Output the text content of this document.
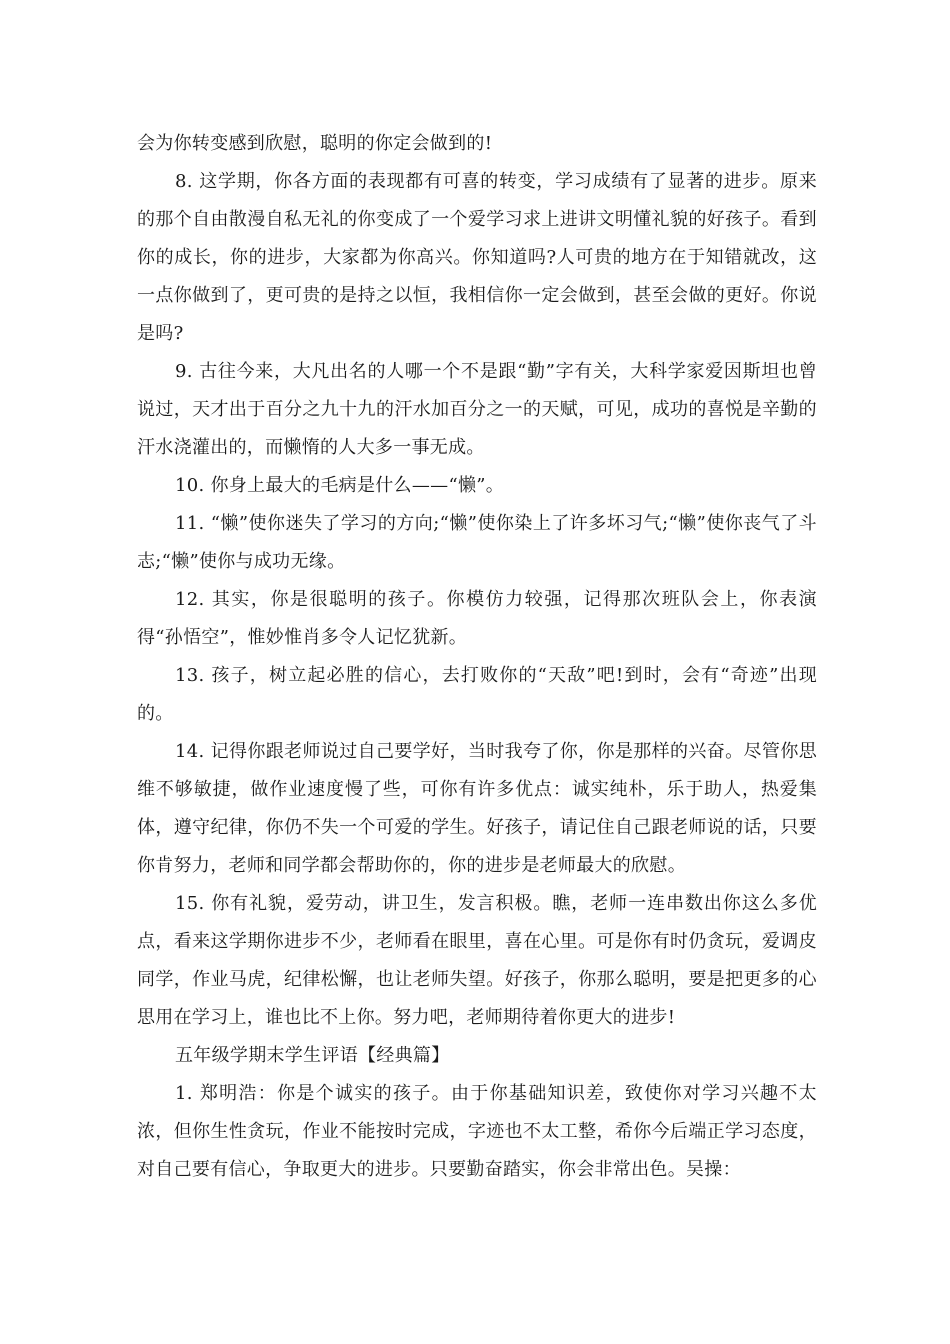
会为你转变感到欣慰，聪明的你定会做到的!

8. 这学期，你各方面的表现都有可喜的转变，学习成绩有了显著的进步。原来的那个自由散漫自私无礼的你变成了一个爱学习求上进讲文明懂礼貌的好孩子。看到你的成长，你的进步，大家都为你高兴。你知道吗?人可贵的地方在于知错就改，这一点你做到了，更可贵的是持之以恒，我相信你一定会做到，甚至会做的更好。你说是吗?

9. 古往今来，大凡出名的人哪一个不是跟“勤”字有关，大科学家爱因斯坦也曾说过，天才出于百分之九十九的汗水加百分之一的天赋，可见，成功的喜悦是辛勤的汗水浇灌出的，而懒惰的人大多一事无成。

10. 你身上最大的毛病是什么——“懒”。

11. “懒”使你迷失了学习的方向;“懒”使你染上了许多坏习气;“懒”使你丧气了斗志;“懒”使你与成功无缘。

12. 其实，你是很聪明的孩子。你模仿力较强，记得那次班队会上，你表演得“孙悟空”，惟妙惟肖多令人记忆犹新。

13. 孩子，树立起必胜的信心，去打败你的“天敌”吧!到时，会有“奇迹”出现的。

14. 记得你跟老师说过自己要学好，当时我夸了你，你是那样的兴奋。尽管你思维不够敏捷，做作业速度慢了些，可你有许多优点：诚实纯朴，乐于助人，热爱集体，遵守纪律，你仍不失一个可爱的学生。好孩子，请记住自己跟老师说的话，只要你肯努力，老师和同学都会帮助你的，你的进步是老师最大的欣慰。

15. 你有礼貌，爱劳动，讲卫生，发言积极。瞧，老师一连串数出你这么多优点，看来这学期你进步不少，老师看在眼里，喜在心里。可是你有时仍贪玩，爱调皮同学，作业马虎，纪律松懈，也让老师失望。好孩子，你那么聪明，要是把更多的心思用在学习上，谁也比不上你。努力吧，老师期待着你更大的进步!

五年级学期末学生评语【经典篇】

1. 郑明浩：你是个诚实的孩子。由于你基础知识差，致使你对学习兴趣不太浓，但你生性贪玩，作业不能按时完成，字迹也不太工整，希你今后端正学习态度，对自己要有信心，争取更大的进步。只要勤奋踏实，你会非常出色。吴操：
